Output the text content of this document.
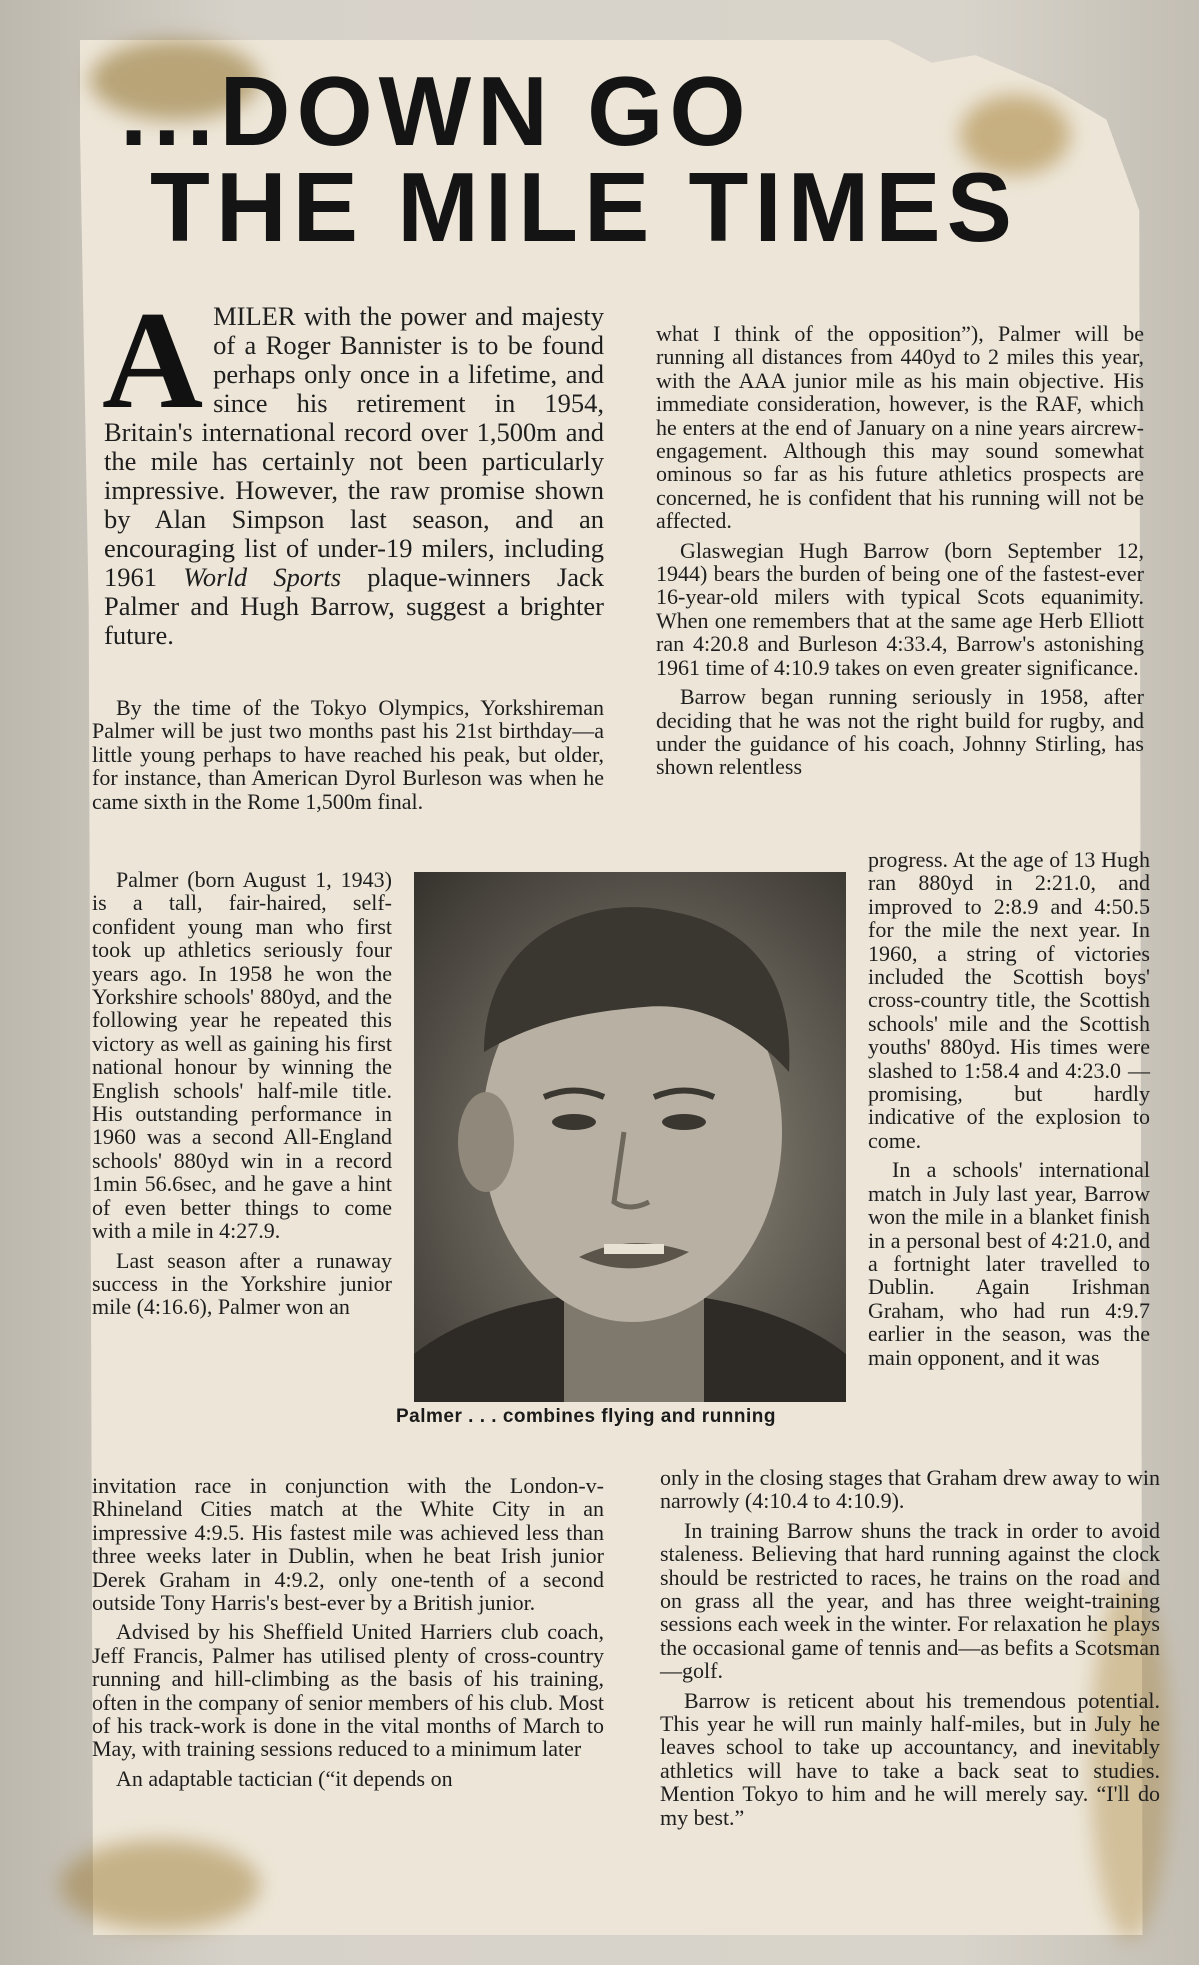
...DOWN GO
THE MILE TIMES

AMILER with the power and majesty of a Roger Bannister is to be found perhaps only once in a lifetime, and since his retirement in 1954, Britain's international record over 1,500m and the mile has certainly not been particularly impressive. However, the raw promise shown by Alan Simpson last season, and an encouraging list of under-19 milers, including 1961 World Sports plaque-winners Jack Palmer and Hugh Barrow, suggest a brighter future.

By the time of the Tokyo Olympics, Yorkshireman Palmer will be just two months past his 21st birthday—a little young perhaps to have reached his peak, but older, for instance, than American Dyrol Burleson was when he came sixth in the Rome 1,500m final.

Palmer (born August 1, 1943) is a tall, fair-haired, self-confident young man who first took up athletics seriously four years ago. In 1958 he won the Yorkshire schools' 880yd, and the following year he repeated this victory as well as gaining his first national honour by winning the English schools' half-mile title. His outstanding performance in 1960 was a second All-England schools' 880yd win in a record 1min 56.6sec, and he gave a hint of even better things to come with a mile in 4:27.9.

Last season after a runaway success in the Yorkshire junior mile (4:16.6), Palmer won an

invitation race in conjunction with the London-v-Rhineland Cities match at the White City in an impressive 4:9.5. His fastest mile was achieved less than three weeks later in Dublin, when he beat Irish junior Derek Graham in 4:9.2, only one-tenth of a second outside Tony Harris's best-ever by a British junior.

Advised by his Sheffield United Harriers club coach, Jeff Francis, Palmer has utilised plenty of cross-country running and hill-climbing as the basis of his training, often in the company of senior members of his club. Most of his track-work is done in the vital months of March to May, with training sessions reduced to a minimum later

An adaptable tactician (“it depends on

what I think of the opposition”), Palmer will be running all distances from 440yd to 2 miles this year, with the AAA junior mile as his main objective. His immediate consideration, however, is the RAF, which he enters at the end of January on a nine years aircrew-engagement. Although this may sound somewhat ominous so far as his future athletics prospects are concerned, he is confident that his running will not be affected.

Glaswegian Hugh Barrow (born September 12, 1944) bears the burden of being one of the fastest-ever 16-year-old milers with typical Scots equanimity. When one remembers that at the same age Herb Elliott ran 4:20.8 and Burleson 4:33.4, Barrow's astonishing 1961 time of 4:10.9 takes on even greater significance.

Barrow began running seriously in 1958, after deciding that he was not the right build for rugby, and under the guidance of his coach, Johnny Stirling, has shown relentless

progress. At the age of 13 Hugh ran 880yd in 2:21.0, and improved to 2:8.9 and 4:50.5 for the mile the next year. In 1960, a string of victories included the Scottish boys' cross-country title, the Scottish schools' mile and the Scottish youths' 880yd. His times were slashed to 1:58.4 and 4:23.0 — promising, but hardly indicative of the explosion to come.

In a schools' international match in July last year, Barrow won the mile in a blanket finish in a personal best of 4:21.0, and a fortnight later travelled to Dublin. Again Irishman Graham, who had run 4:9.7 earlier in the season, was the main opponent, and it was

only in the closing stages that Graham drew away to win narrowly (4:10.4 to 4:10.9).

In training Barrow shuns the track in order to avoid staleness. Believing that hard running against the clock should be restricted to races, he trains on the road and on grass all the year, and has three weight-training sessions each week in the winter. For relaxation he plays the occasional game of tennis and—as befits a Scotsman—golf.

Barrow is reticent about his tremendous potential. This year he will run mainly half-miles, but in July he leaves school to take up accountancy, and inevitably athletics will have to take a back seat to studies. Mention Tokyo to him and he will merely say. “I'll do my best.”

Palmer . . . combines flying and running
